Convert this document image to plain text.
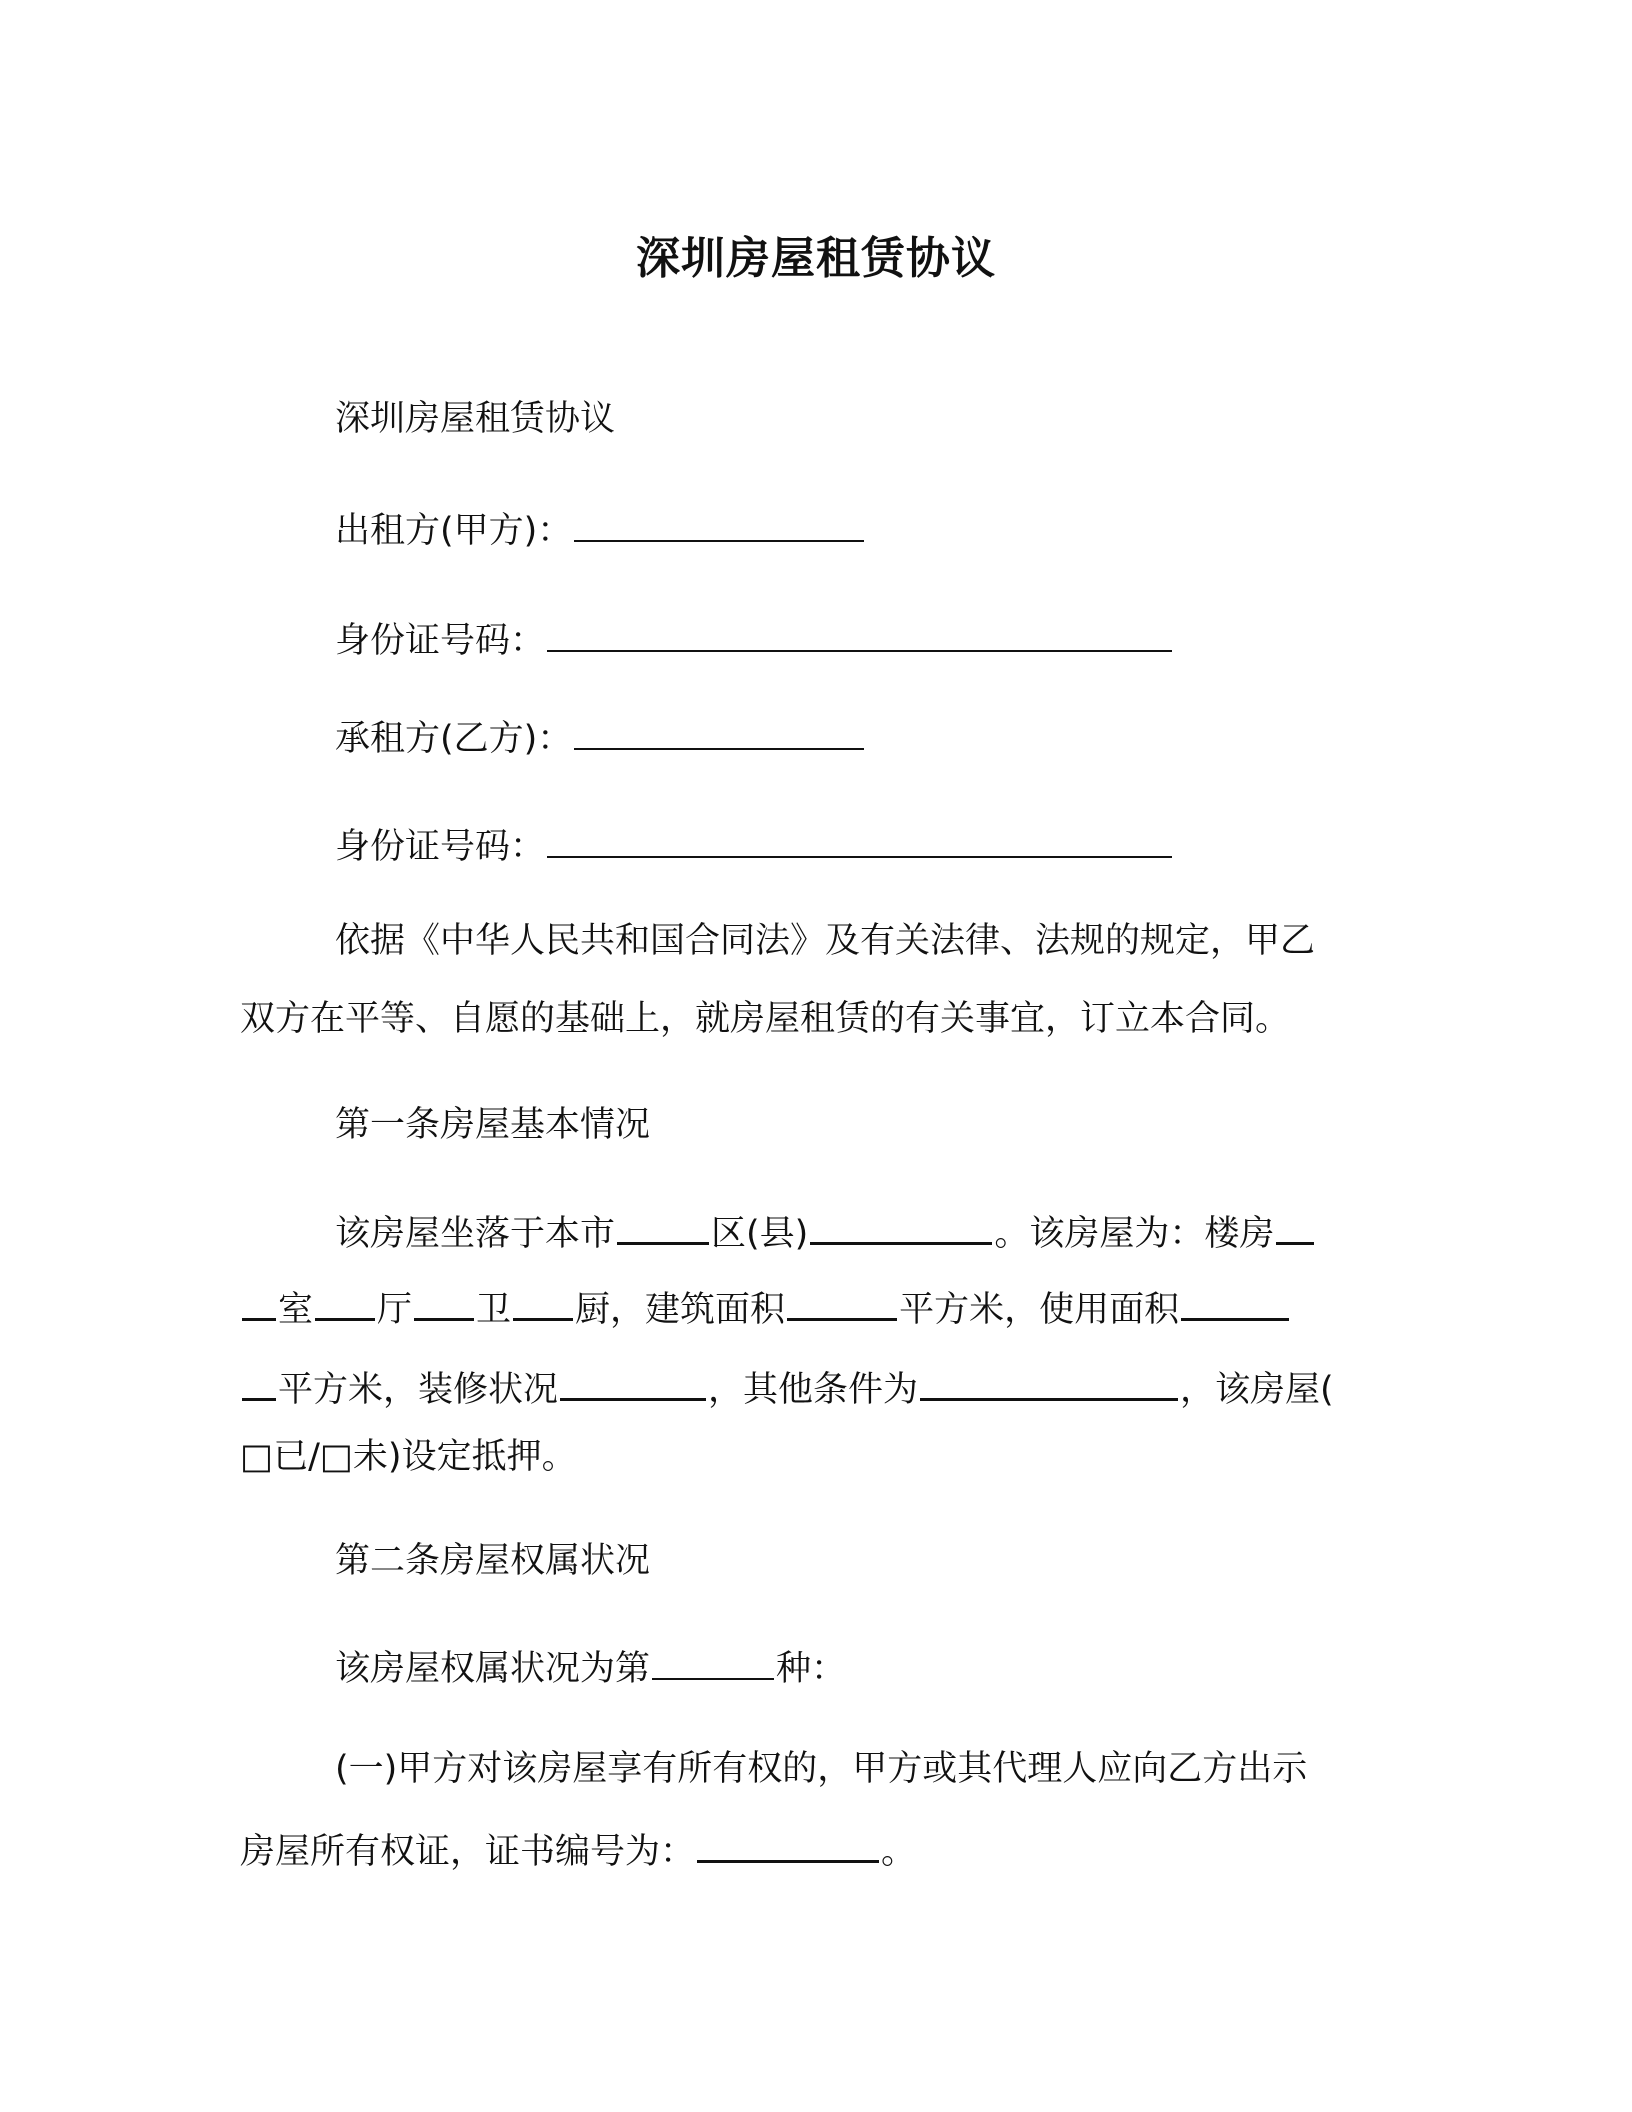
深圳房屋租赁协议
深圳房屋租赁协议
出租方(甲方)：
身份证号码：
承租方(乙方)：
身份证号码：
依据《中华人民共和国合同法》及有关法律、法规的规定，甲乙
双方在平等、自愿的基础上，就房屋租赁的有关事宜，订立本合同。
第一条房屋基本情况
该房屋坐落于本市	区(县)	。该房屋为：楼房
室 厅 卫 厨，建筑面积	平方米，使用面积
平方米，装修状况	，其他条件为	，该房屋(
□已/□未)设定抵押。
第二条房屋权属状况
该房屋权属状况为第	种：
(一)甲方对该房屋享有所有权的，甲方或其代理人应向乙方出示
房屋所有权证，证书编号为：	。
